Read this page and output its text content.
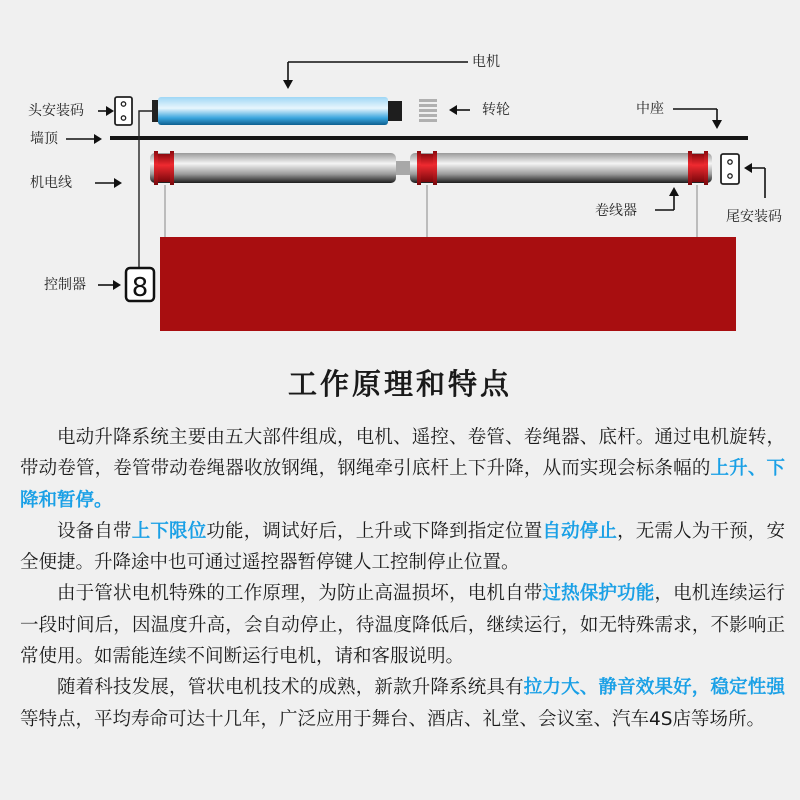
8
电机
转轮
头安装码
墙顶
中座
机电线
卷线器	尾安装码
控制器
工作原理和特点

电动升降系统主要由五大部件组成，电机、遥控、卷管、卷绳器、底杆。通过电机旋转，带动卷管，卷管带动卷绳器收放钢绳，钢绳牵引底杆上下升降，从而实现会标条幅的上升、下降和暂停。

设备自带上下限位功能，调试好后，上升或下降到指定位置自动停止，无需人为干预，安全便捷。升降途中也可通过遥控器暂停键人工控制停止位置。

由于管状电机特殊的工作原理，为防止高温损坏，电机自带过热保护功能，电机连续运行一段时间后，因温度升高，会自动停止，待温度降低后，继续运行，如无特殊需求，不影响正常使用。如需能连续不间断运行电机，请和客服说明。

随着科技发展，管状电机技术的成熟，新款升降系统具有拉力大、静音效果好，稳定性强等特点，平均寿命可达十几年，广泛应用于舞台、酒店、礼堂、会议室、汽车4S店等场所。
